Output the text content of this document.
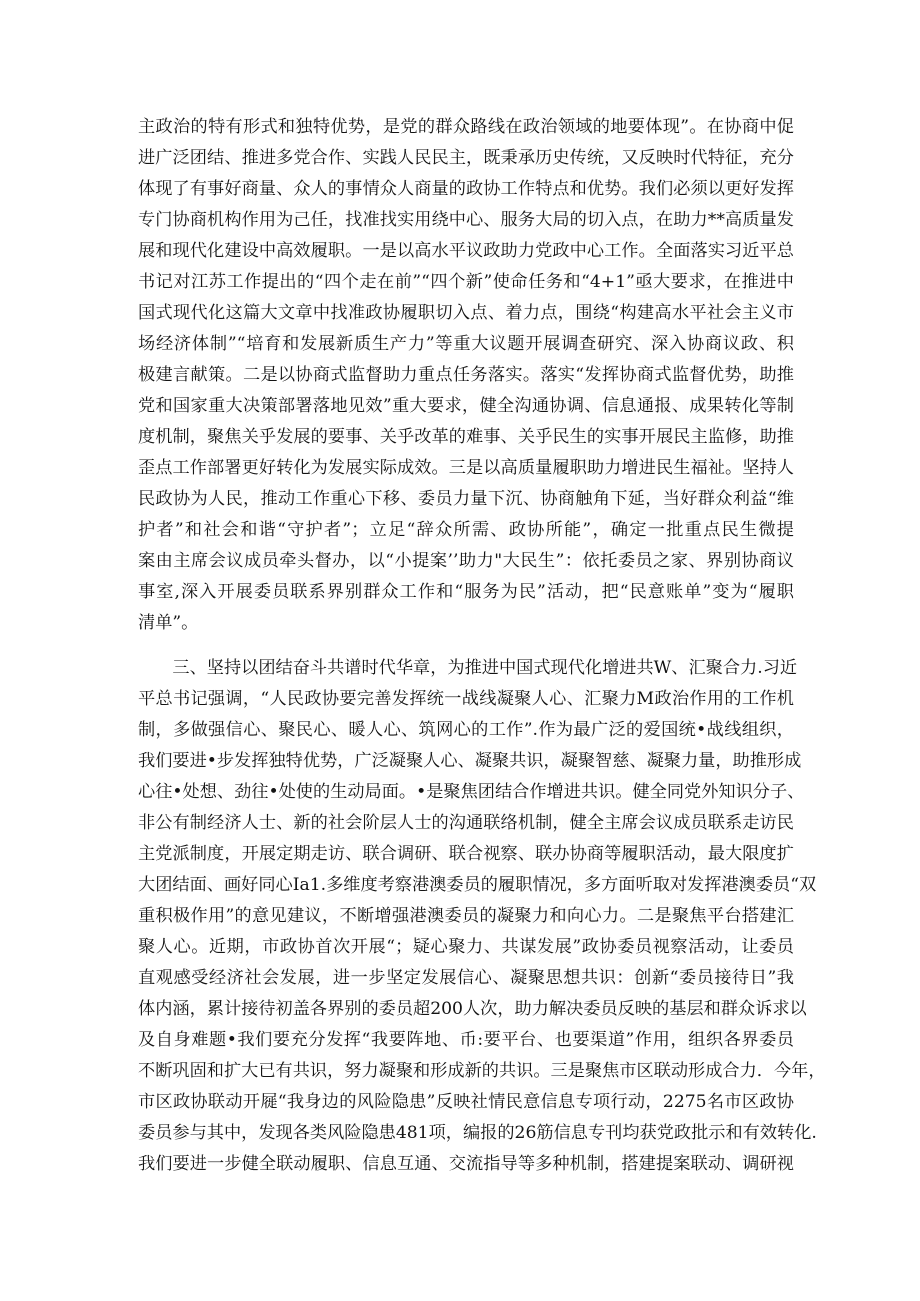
主政治的特有形式和独特优势，是党的群众路线在政治领域的地要体现”。在协商中促
进广泛团结、推进多党合作、实践人民民主，既秉承历史传统，又反映时代特征，充分
体现了有事好商量、众人的事情众人商量的政协工作特点和优势。我们必须以更好发挥
专门协商机构作用为己任，找准找实用绕中心、服务大局的切入点，在助力**高质量发
展和现代化建设中高效履职。一是以高水平议政助力党政中心工作。全面落实习近平总
书记对江苏工作提出的“四个走在前”“四个新”使命任务和“4+1”亟大要求，在推进中
国式现代化这篇大文章中找准政协履职切入点、着力点，围绕“构建高水平社会主义市
场经济体制”“培育和发展新质生产力”等重大议题开展调查研究、深入协商议政、积
极建言献策。二是以协商式监督助力重点任务落实。落实“发挥协商式监督优势，助推
党和国家重大决策部署落地见效”重大要求，健全沟通协调、信息通报、成果转化等制
度机制，聚焦关乎发展的要事、关乎改革的难事、关乎民生的实事开展民主监修，助推
歪点工作部署更好转化为发展实际成效。三是以高质量履职助力增进民生福祉。坚持人
民政协为人民，推动工作重心下移、委员力量下沉、协商触角下延，当好群众利益“维
护者”和社会和谐“守护者”；立足“辞众所需、政协所能”，确定一批重点民生微提
案由主席会议成员牵头督办，以“小提案’’助力"大民生”：依托委员之家、界别协商议
事室,深入开展委员联系界别群众工作和“服务为民”活动，把“民意账单”变为“履职
清单”。
　　三、坚持以团结奋斗共谱时代华章，为推进中国式现代化增进共W、汇聚合力.习近
平总书记强调，“人民政协要完善发挥统一战线凝聚人心、汇聚力M政治作用的工作机
制，多做强信心、聚民心、暖人心、筑网心的工作”.作为最广泛的爱国统•战线组织，
我们要进•步发挥独特优势，广泛凝聚人心、凝聚共识，凝聚智慈、凝聚力量，助推形成
心往•处想、劲往•处使的生动局面。•是聚焦团结合作增进共识。健全同党外知识分子、
非公有制经济人士、新的社会阶层人士的沟通联络机制，健全主席会议成员联系走访民
主党派制度，开展定期走访、联合调研、联合视察、联办协商等履职活动，最大限度扩
大团结面、画好同心Ia1.多维度考察港澳委员的履职情况，多方面听取对发挥港澳委员“双
重积极作用”的意见建议，不断增强港澳委员的凝聚力和向心力。二是聚焦平台搭建汇
聚人心。近期，市政协首次开展“；疑心聚力、共谋发展”政协委员视察活动，让委员
直观感受经济社会发展，进一步坚定发展信心、凝聚思想共识：创新“委员接待日”我
体内涵，累计接待初盖各界别的委员超200人次，助力解决委员反映的基层和群众诉求以
及自身难题•我们要充分发挥“我要阵地、币:要平台、也要渠道”作用，组织各界委员
不断巩固和扩大已有共识，努力凝聚和形成新的共识。三是聚焦市区联动形成合力．今年，
市区政协联动开屣“我身边的风险隐患”反映社情民意信息专项行动，2275名市区政协
委员参与其中，发现各类风险隐患481项，编报的26筋信息专刊均获党政批示和有效转化.
我们要进一步健全联动履职、信息互通、交流指导等多种机制，搭建提案联动、调研视
